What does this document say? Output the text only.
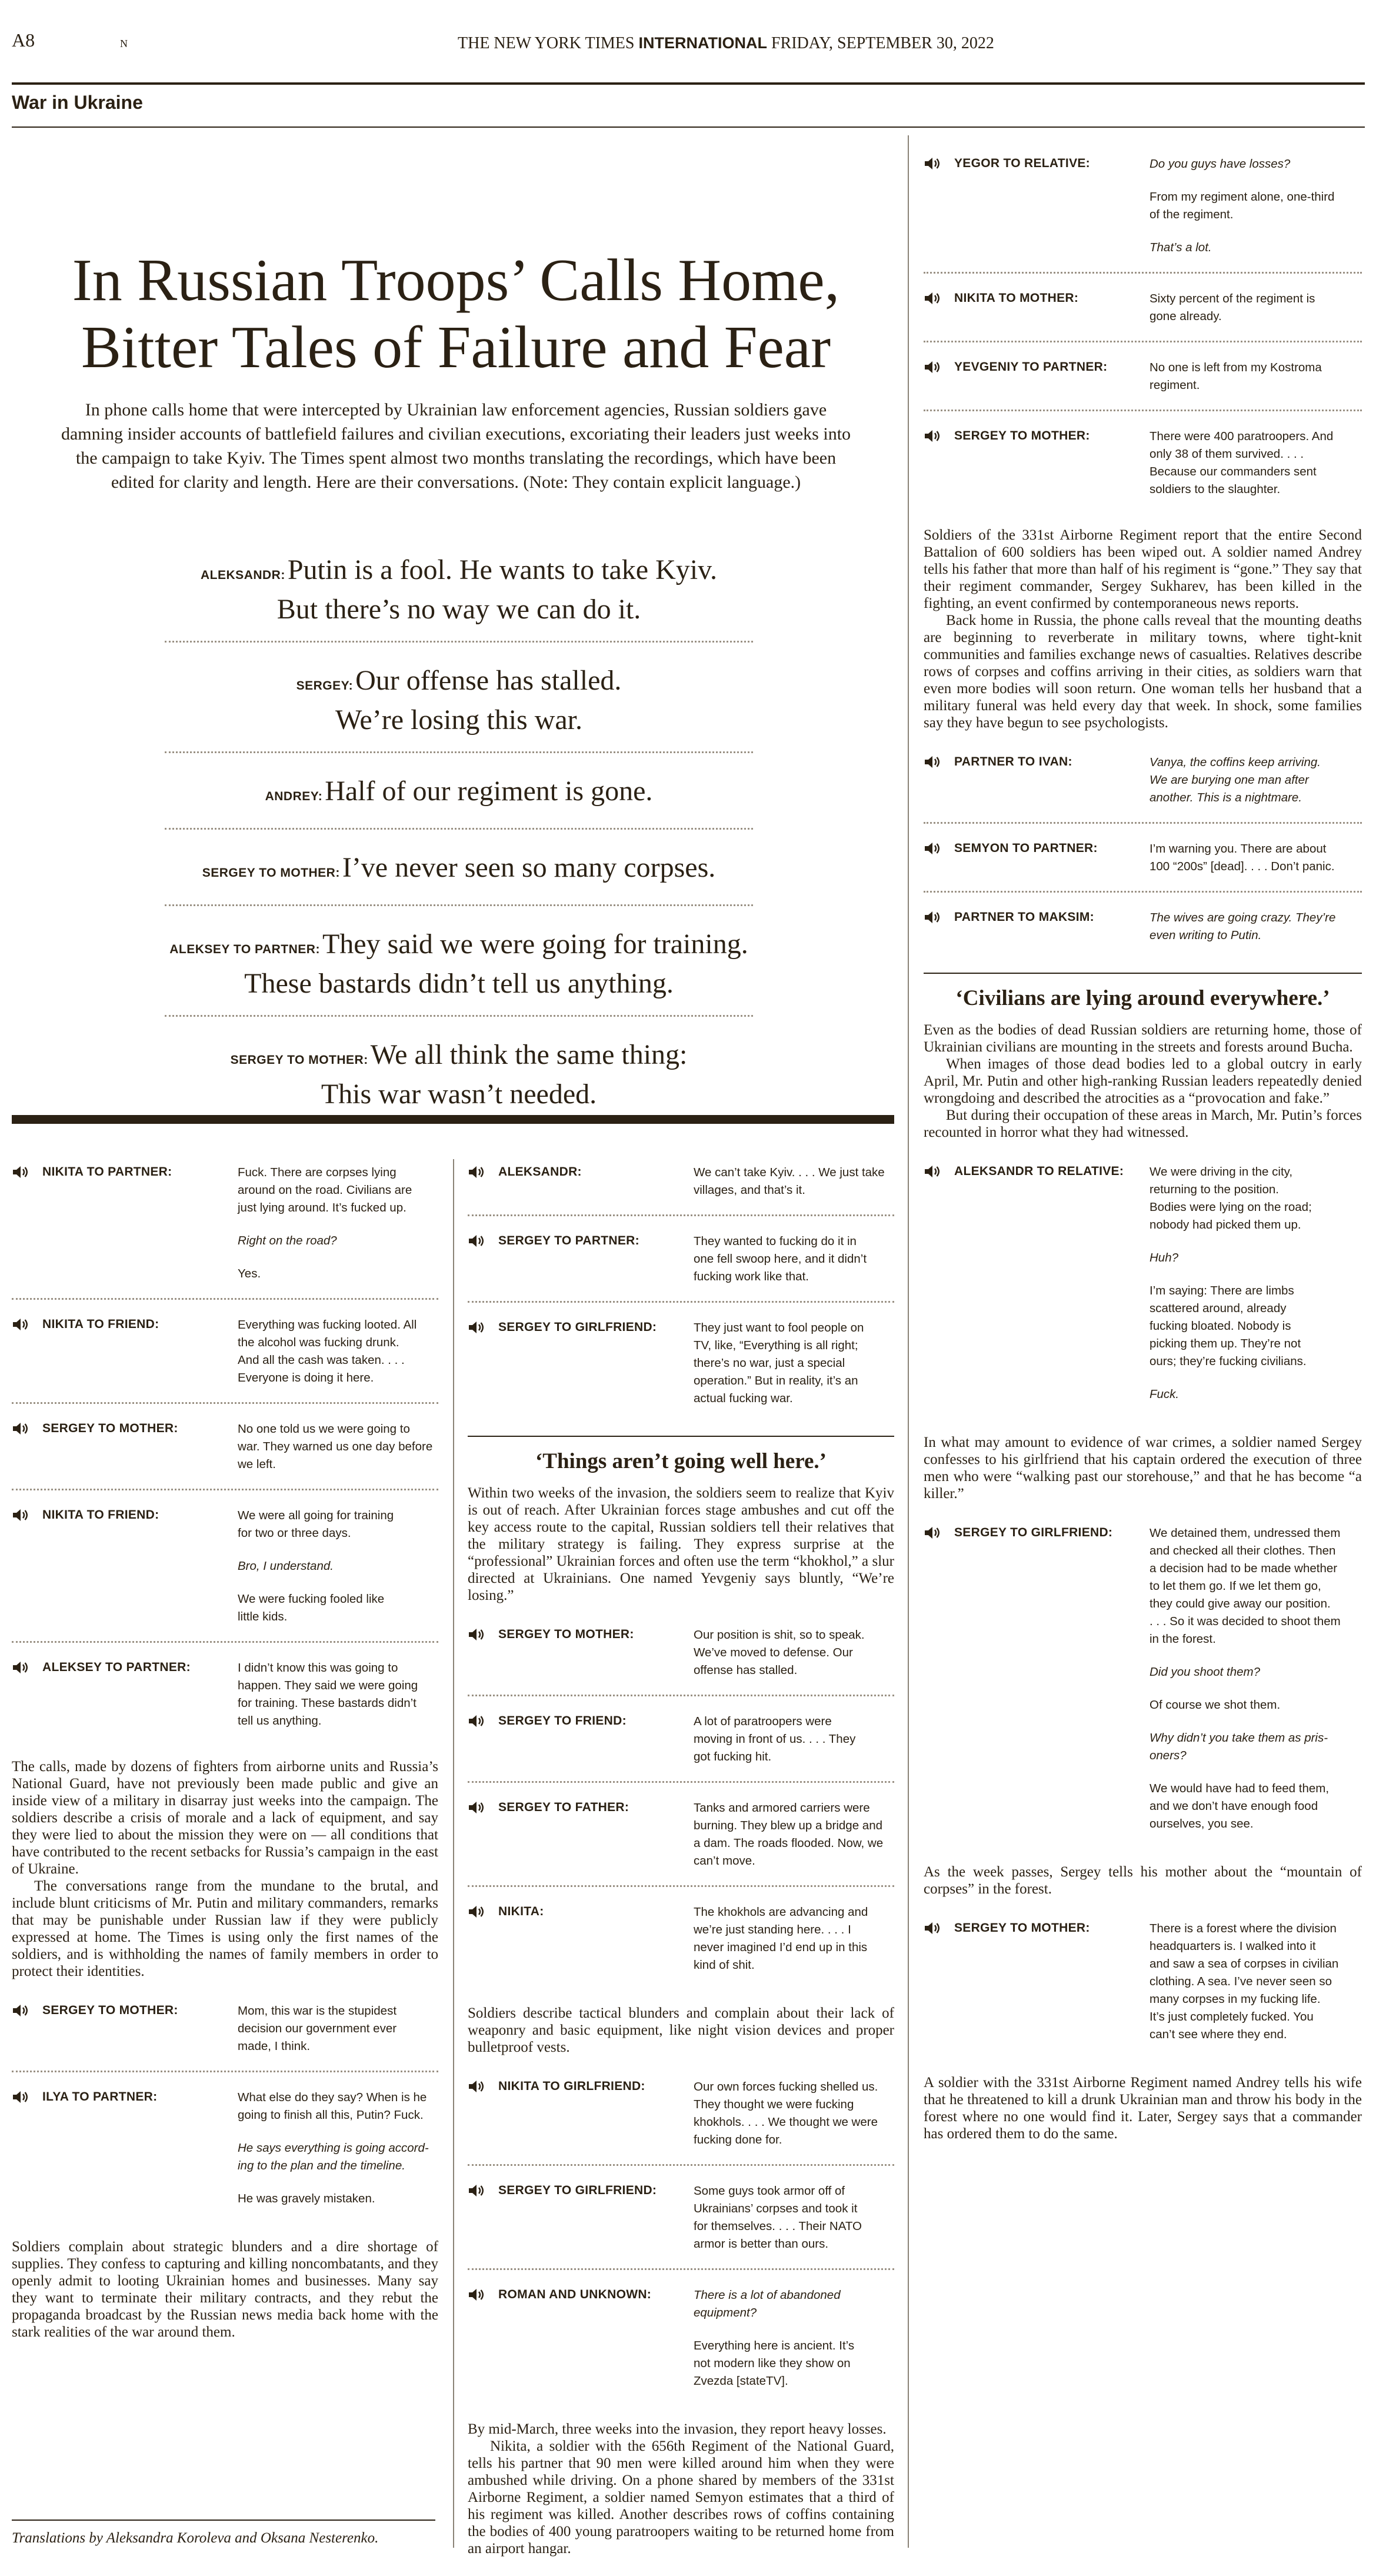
A8	N	THE NEW YORK TIMES INTERNATIONAL FRIDAY, SEPTEMBER 30, 2022
War in Ukraine
In Russian Troops’ Calls Home,
Bitter Tales of Failure and Fear
In phone calls home that were intercepted by Ukrainian law enforcement agencies, Russian soldiers gave damning insider accounts of battlefield failures and civilian executions, excoriating their leaders just weeks into the campaign to take Kyiv. The Times spent almost two months translating the recordings, which have been edited for clarity and length. Here are their conversations. (Note: They contain explicit language.)
ALEKSANDR:Putin is a fool. He wants to take Kyiv.
But there’s no way we can do it.
SERGEY:Our offense has stalled.
We’re losing this war.
ANDREY:Half of our regiment is gone.
SERGEY TO MOTHER:I’ve never seen so many corpses.
ALEKSEY TO PARTNER:They said we were going for training.
These bastards didn’t tell us anything.
SERGEY TO MOTHER:We all think the same thing:
This war wasn’t needed.
NIKITA TO PARTNER:	Fuck. There are corpses lying
around on the road. Civilians are
just lying around. It’s fucked up.
Right on the road?
Yes.
NIKITA TO FRIEND:	Everything was fucking looted. All
the alcohol was fucking drunk.
And all the cash was taken. . . .
Everyone is doing it here.
SERGEY TO MOTHER:	No one told us we were going to
war. They warned us one day before
we left.
NIKITA TO FRIEND:	We were all going for training
for two or three days.
Bro, I understand.
We were fucking fooled like
little kids.
ALEKSEY TO PARTNER:	I didn’t know this was going to
happen. They said we were going
for training. These bastards didn’t
tell us anything.

The calls, made by dozens of fighters from airborne units and Russia’s National Guard, have not previously been made public and give an inside view of a military in disarray just weeks into the campaign. The soldiers describe a crisis of morale and a lack of equipment, and say they were lied to about the mission they were on — all conditions that have contributed to the recent setbacks for Russia’s campaign in the east of Ukraine.

The conversations range from the mundane to the brutal, and include blunt criticisms of Mr. Putin and military commanders, remarks that may be punishable under Russian law if they were publicly expressed at home. The Times is using only the first names of the soldiers, and is withholding the names of family members in order to protect their identities.

SERGEY TO MOTHER:	Mom, this war is the stupidest
decision our government ever
made, I think.
ILYA TO PARTNER:	What else do they say? When is he
going to finish all this, Putin? Fuck.
He says everything is going accord-
ing to the plan and the timeline.
He was gravely mistaken.

Soldiers complain about strategic blunders and a dire shortage of supplies. They confess to capturing and killing noncombatants, and they openly admit to looting Ukrainian homes and businesses. Many say they want to terminate their military contracts, and they rebut the propaganda broadcast by the Russian news media back home with the stark realities of the war around them.

Translations by Aleksandra Koroleva and Oksana Nesterenko.
ALEKSANDR:	We can’t take Kyiv. . . . We just take
villages, and that’s it.
SERGEY TO PARTNER:	They wanted to fucking do it in
one fell swoop here, and it didn’t
fucking work like that.
SERGEY TO GIRLFRIEND:	They just want to fool people on
TV, like, “Everything is all right;
there’s no war, just a special
operation.” But in reality, it’s an
actual fucking war.
‘Things aren’t going well here.’

Within two weeks of the invasion, the soldiers seem to realize that Kyiv is out of reach. After Ukrainian forces stage ambushes and cut off the key access route to the capital, Russian soldiers tell their relatives that the military strategy is failing. They express surprise at the “professional” Ukrainian forces and often use the term “khokhol,” a slur directed at Ukrainians. One named Yevgeniy says bluntly, “We’re losing.”

SERGEY TO MOTHER:	Our position is shit, so to speak.
We’ve moved to defense. Our
offense has stalled.
SERGEY TO FRIEND:	A lot of paratroopers were
moving in front of us. . . . They
got fucking hit.
SERGEY TO FATHER:	Tanks and armored carriers were
burning. They blew up a bridge and
a dam. The roads flooded. Now, we
can’t move.
NIKITA:	The khokhols are advancing and
we’re just standing here. . . . I
never imagined I’d end up in this
kind of shit.

Soldiers describe tactical blunders and complain about their lack of weaponry and basic equipment, like night vision devices and proper bulletproof vests.

NIKITA TO GIRLFRIEND:	Our own forces fucking shelled us.
They thought we were fucking
khokhols. . . . We thought we were
fucking done for.
SERGEY TO GIRLFRIEND:	Some guys took armor off of
Ukrainians’ corpses and took it
for themselves. . . . Their NATO
armor is better than ours.
ROMAN AND UNKNOWN:	There is a lot of abandoned
equipment?
Everything here is ancient. It’s
not modern like they show on
Zvezda [stateTV].

By mid-March, three weeks into the invasion, they report heavy losses.

Nikita, a soldier with the 656th Regiment of the National Guard, tells his partner that 90 men were killed around him when they were ambushed while driving. On a phone shared by members of the 331st Airborne Regiment, a soldier named Semyon estimates that a third of his regiment was killed. Another describes rows of coffins containing the bodies of 400 young paratroopers waiting to be returned home from an airport hangar.

YEGOR TO RELATIVE:	Do you guys have losses?
From my regiment alone, one-third
of the regiment.
That’s a lot.
NIKITA TO MOTHER:	Sixty percent of the regiment is
gone already.
YEVGENIY TO PARTNER:	No one is left from my Kostroma
regiment.
SERGEY TO MOTHER:	There were 400 paratroopers. And
only 38 of them survived. . . .
Because our commanders sent
soldiers to the slaughter.

Soldiers of the 331st Airborne Regiment report that the entire Second Battalion of 600 soldiers has been wiped out. A soldier named Andrey tells his father that more than half of his regiment is “gone.” They say that their regiment commander, Sergey Sukharev, has been killed in the fighting, an event confirmed by contemporaneous news reports.

Back home in Russia, the phone calls reveal that the mounting deaths are beginning to reverberate in military towns, where tight-knit communities and families exchange news of casualties. Relatives describe rows of corpses and coffins arriving in their cities, as soldiers warn that even more bodies will soon return. One woman tells her husband that a military funeral was held every day that week. In shock, some families say they have begun to see psychologists.

PARTNER TO IVAN:	Vanya, the coffins keep arriving.
We are burying one man after
another. This is a nightmare.
SEMYON TO PARTNER:	I’m warning you. There are about
100 “200s” [dead]. . . . Don’t panic.
PARTNER TO MAKSIM:	The wives are going crazy. They’re
even writing to Putin.
‘Civilians are lying around everywhere.’

Even as the bodies of dead Russian soldiers are returning home, those of Ukrainian civilians are mounting in the streets and forests around Bucha.

When images of those dead bodies led to a global outcry in early April, Mr. Putin and other high-ranking Russian leaders repeatedly denied wrongdoing and described the atrocities as a “provocation and fake.”

But during their occupation of these areas in March, Mr. Putin’s forces recounted in horror what they had witnessed.

ALEKSANDR TO RELATIVE: We were driving in the city,
returning to the position.
Bodies were lying on the road;
nobody had picked them up.
Huh?
I’m saying: There are limbs
scattered around, already
fucking bloated. Nobody is
picking them up. They’re not
ours; they’re fucking civilians.
Fuck.

In what may amount to evidence of war crimes, a soldier named Sergey confesses to his girlfriend that his captain ordered the execution of three men who were “walking past our storehouse,” and that he has become “a killer.”

SERGEY TO GIRLFRIEND:	We detained them, undressed them
and checked all their clothes. Then
a decision had to be made whether
to let them go. If we let them go,
they could give away our position.
. . . So it was decided to shoot them
in the forest.
Did you shoot them?
Of course we shot them.
Why didn’t you take them as pris-
oners?
We would have had to feed them,
and we don’t have enough food
ourselves, you see.

As the week passes, Sergey tells his mother about the “mountain of corpses” in the forest.

SERGEY TO MOTHER:	There is a forest where the division
headquarters is. I walked into it
and saw a sea of corpses in civilian
clothing. A sea. I’ve never seen so
many corpses in my fucking life.
It’s just completely fucked. You
can’t see where they end.

A soldier with the 331st Airborne Regiment named Andrey tells his wife that he threatened to kill a drunk Ukrainian man and throw his body in the forest where no one would find it. Later, Sergey says that a commander has ordered them to do the same.
